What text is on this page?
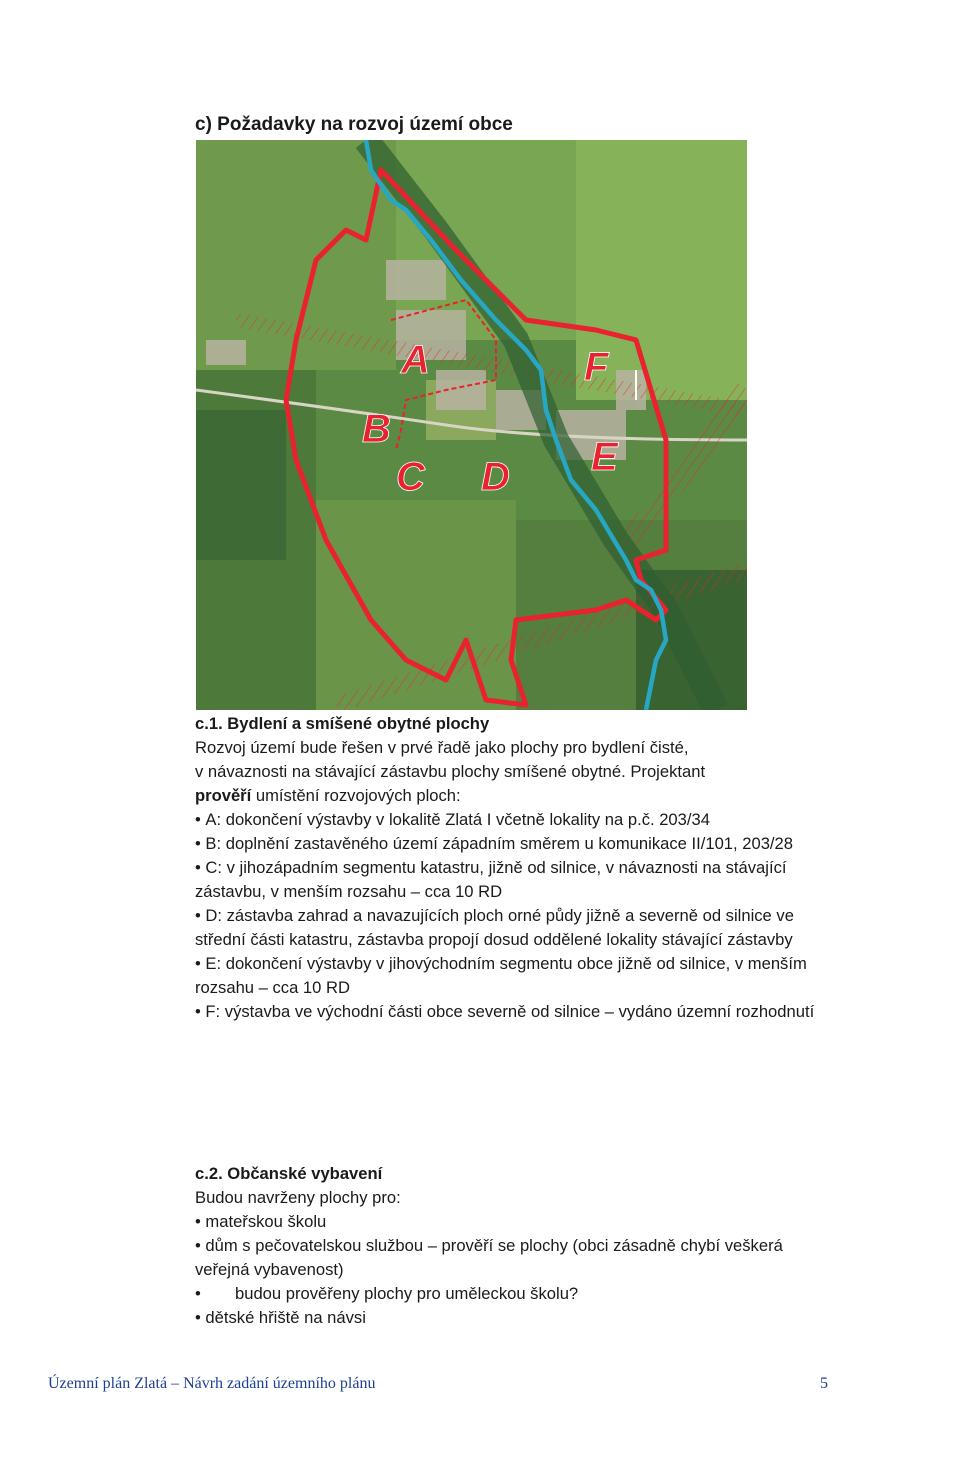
c) Požadavky na rozvoj území obce
A
B
C D E
F

c.1. Bydlení a smíšené obytné plochy

Rozvoj území bude řešen v prvé řadě jako plochy pro bydlení čisté,

v návaznosti na stávající zástavbu plochy smíšené obytné. Projektant

prověří umístění rozvojových ploch:

• A: dokončení výstavby v lokalitě Zlatá I včetně lokality na p.č. 203/34

• B: doplnění zastavěného území západním směrem u komunikace II/101, 203/28

• C: v jihozápadním segmentu katastru, jižně od silnice, v návaznosti na stávající zástavbu, v menším rozsahu – cca 10 RD

• D: zástavba zahrad a navazujících ploch orné půdy jižně a severně od silnice ve střední části katastru, zástavba propojí dosud oddělené lokality stávající zástavby

• E: dokončení výstavby v jihovýchodním segmentu obce jižně od silnice, v menším rozsahu – cca 10 RD

• F: výstavba ve východní části obce severně od silnice – vydáno územní rozhodnutí

c.2. Občanské vybavení

Budou navrženy plochy pro:

• mateřskou školu

• dům s pečovatelskou službou – prověří se plochy (obci zásadně chybí veškerá veřejná vybavenost)

• budou prověřeny plochy pro uměleckou školu?

• dětské hřiště na návsi

Územní plán Zlatá – Návrh zadání územního plánu	5
